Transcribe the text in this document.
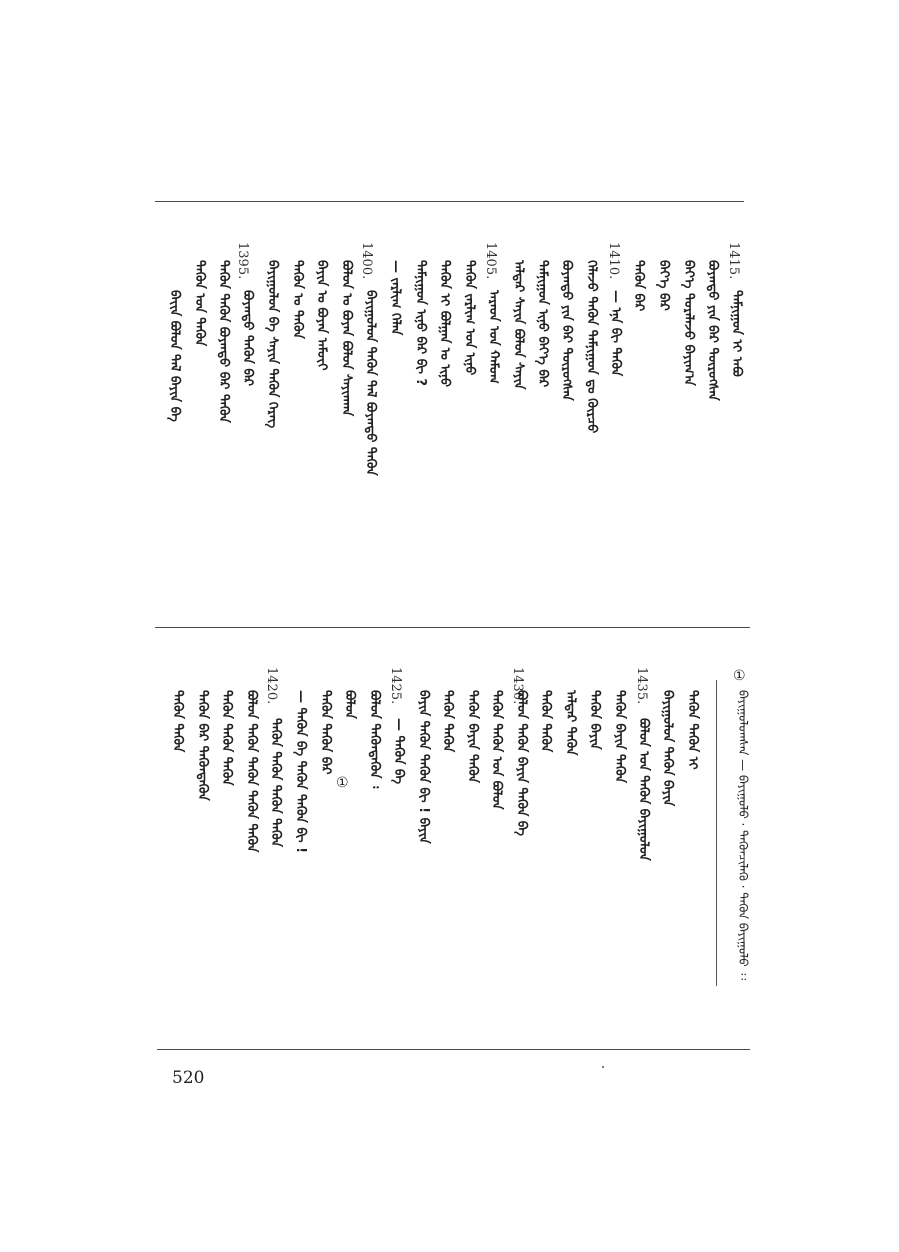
1415.
1410.
1405.
1400.
1395.
ᠳᠠᠮᠨᠢᠭᠤᠨ ᠢ ᠠᠪᠤ
ᠪᠤᠶᠠᠨᠲᠤ ᠶᠢᠨ ᠪᠠᠷ ᠲᠦᠷᠦᠭᠰᠡᠨ
ᠪᠡᠶ᠎ᠡ ᠳᠤᠷᠠᠯᠠᠵᠤ ᠪᠠᠶᠢᠭ᠎ᠠ
ᠪᠡᠶ᠎ᠡ ᠪᠠᠷ
ᠲᠡᠭᠦᠨ ᠪᠡᠷ
— ᠡᠨᠡ ᠪᠢ ᠲᠡᠭᠦᠨ
ᠬᠡᠯᠡᠵᠦ ᠲᠡᠭᠦᠨ ᠳᠠᠮᠨᠢᠭᠤᠨ ᠳᠤ ᠬᠦᠷᠴᠦ
ᠪᠤᠶᠠᠨᠲᠤ ᠶᠢᠨ ᠪᠠᠷ ᠲᠦᠷᠦᠭᠰᠡᠨ
ᠳᠠᠮᠨᠢᠭᠤᠨ ᠢᠨᠦ ᠪᠡᠶ᠎ᠡ ᠪᠠᠷ
ᠠᠯᠳᠠᠷ ᠰᠠᠶᠢᠨ ᠪᠣᠯᠤᠨ ᠰᠠᠶᠢᠨ
ᠠᠷᠠᠳ ᠤᠨ ᠬᠠᠮᠤᠭ
ᠲᠡᠭᠦᠨ ᠵᠠᠷᠯᠢᠭ ᠤᠨ ᠢᠨᠦ
ᠲᠡᠭᠦᠨ ᠢ ᠪᠣᠯᠭᠠᠨ ᠤ ᠢᠨᠦ
ᠳᠠᠮᠨᠢᠭᠤᠨ ᠢᠨᠦ ᠪᠡᠷ ᠪᠢ ?
— ᠵᠠᠷᠯᠢᠭ ᠬᠡᠯᠡᠨ
ᠪᠠᠶᠢᠭᠤᠯᠤᠨ ᠲᠡᠭᠦᠨ ᠲᠠᠯ ᠪᠤᠶᠠᠨᠲᠤ ᠲᠡᠭᠦᠨ
ᠪᠣᠯᠤᠨ ᠤ ᠪᠤᠶᠠᠨ ᠪᠣᠯᠤᠨ ᠰᠠᠶᠢᠨᠬᠠᠨ
ᠪᠠᠶᠢᠨ ᠤ ᠪᠤᠶᠠᠨ ᠠᠮᠤᠶ᠋ᠢ
ᠲᠡᠭᠦᠨ ᠤ ᠲᠡᠭᠦᠨ
ᠪᠠᠶᠢᠭᠤᠯᠤᠨ ᠪᠠ ᠰᠠᠶᠢᠨ ᠲᠡᠭᠦᠨ ᠬᠡᠷᠡᠭ
ᠪᠤᠶᠠᠨᠲᠤ ᠲᠡᠭᠦᠨ ᠪᠠᠷ
ᠲᠡᠭᠦᠨ ᠲᠡᠭᠦᠨ ᠪᠤᠶᠠᠨᠲᠤ ᠪᠠᠷ ᠲᠡᠭᠦᠨ
ᠲᠡᠭᠦᠨ ᠤᠨ ᠲᠡᠭᠦᠨ
ᠪᠠᠶ᠋ᠢᠨ ᠪᠣᠯᠤᠨ ᠲᠠᠯ ᠪᠠᠶᠢᠨ ᠪᠠ
①
ᠪᠠᠶᠢᠭᠤᠯᠤᠭᠰᠠᠨ — ᠪᠠᠶᠢᠭᠤᠯᠤ · ᠲᠡᠭᠦᠨᠴᠢᠯᠡᠬᠦ · ᠲᠡᠭᠦᠨ ᠪᠠᠶᠢᠭᠤᠯᠤ ᠄᠄
1435.
1430.
1425.
1420.
ᠲᠡᠭᠦᠨ ᠲᠡᠭᠦᠨ ᠢ
ᠪᠠᠶᠢᠭᠤᠯᠤᠨ ᠲᠡᠭᠦᠨ ᠪᠠᠶᠢᠨ
ᠪᠣᠯᠤᠨ ᠤᠨ ᠲᠡᠭᠦᠨ ᠪᠠᠶᠢᠭᠤᠯᠤᠨ
ᠲᠡᠭᠦᠨ ᠪᠠᠶᠢᠨ ᠲᠡᠭᠦᠨ
ᠲᠡᠭᠦᠨ ᠪᠠᠶᠢᠨ
ᠠᠯᠳᠠᠷ ᠲᠡᠭᠦᠨ
ᠲᠡᠭᠦᠨ ᠲᠡᠭᠦᠨ
ᠪᠣᠯᠤᠨ ᠲᠡᠭᠦᠨ ᠪᠠᠶᠢᠨ ᠲᠡᠭᠦᠨ ᠪᠠ
ᠲᠡᠭᠦᠨ ᠲᠡᠭᠦᠨ ᠤᠨ ᠪᠣᠯᠤᠨ
ᠲᠡᠭᠦᠨ ᠪᠠᠶᠢᠨ ᠲᠡᠭᠦᠨ
ᠲᠡᠭᠦᠨ ᠲᠡᠭᠦᠨ
ᠪᠠᠶᠢᠨ ᠲᠡᠭᠦᠨ ᠲᠡᠭᠦᠨ ᠪᠢ ! ᠪᠠᠶᠢᠨ
— ᠲᠡᠭᠦᠨ ᠪᠠ
ᠪᠣᠯᠤᠨ ᠲᠡᠭᠦᠨᠲᠡᠭᠦᠨ ᠄
ᠪᠣᠯᠤᠨ
①
ᠲᠡᠭᠦᠨ ᠲᠡᠭᠦᠨ ᠪᠠᠷ
— ᠲᠡᠭᠦᠨ ᠪᠠ ᠲᠡᠭᠦᠨ ᠲᠡᠭᠦᠨ ᠪᠢ !
ᠲᠡᠭᠦᠨ ᠲᠡᠭᠦᠨ ᠲᠡᠭᠦᠨ ᠲᠡᠭᠦᠨ
ᠪᠣᠯᠤᠨ ᠲᠡᠭᠦᠨ ᠲᠡᠭᠦᠨ ᠲᠡᠭᠦᠨ ᠲᠡᠭᠦᠨ
ᠲᠡᠭᠦᠨ ᠲᠡᠭᠦᠨ ᠲᠡᠭᠦᠨ
ᠲᠡᠭᠦᠨ ᠪᠠᠷ ᠲᠡᠭᠦᠨᠲᠡᠭᠦᠨ
ᠲᠡᠭᠦᠨ ᠲᠡᠭᠦᠨ
520
